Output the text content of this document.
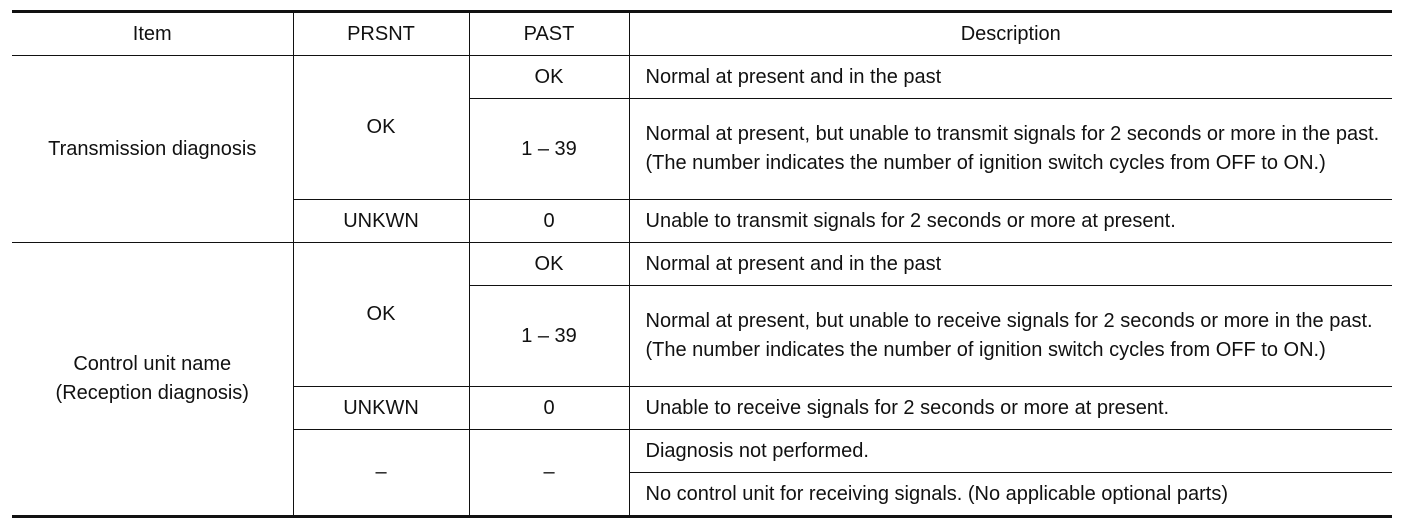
Item	PRSNT	PAST	Description

Transmission diagnosis	OK	OK	Normal at present and in the past
		1 – 39	Normal at present, but unable to transmit signals for 2 seconds or more in the past. (The number indicates the number of ignition switch cycles from OFF to ON.)
	UNKWN	0	Unable to transmit signals for 2 seconds or more at present.

Control unit name
(Reception diagnosis)	OK	OK	Normal at present and in the past
		1 – 39	Normal at present, but unable to receive signals for 2 seconds or more in the past. (The number indicates the number of ignition switch cycles from OFF to ON.)
	UNKWN	0	Unable to receive signals for 2 seconds or more at present.
	–	–	Diagnosis not performed.
			No control unit for receiving signals. (No applicable optional parts)
